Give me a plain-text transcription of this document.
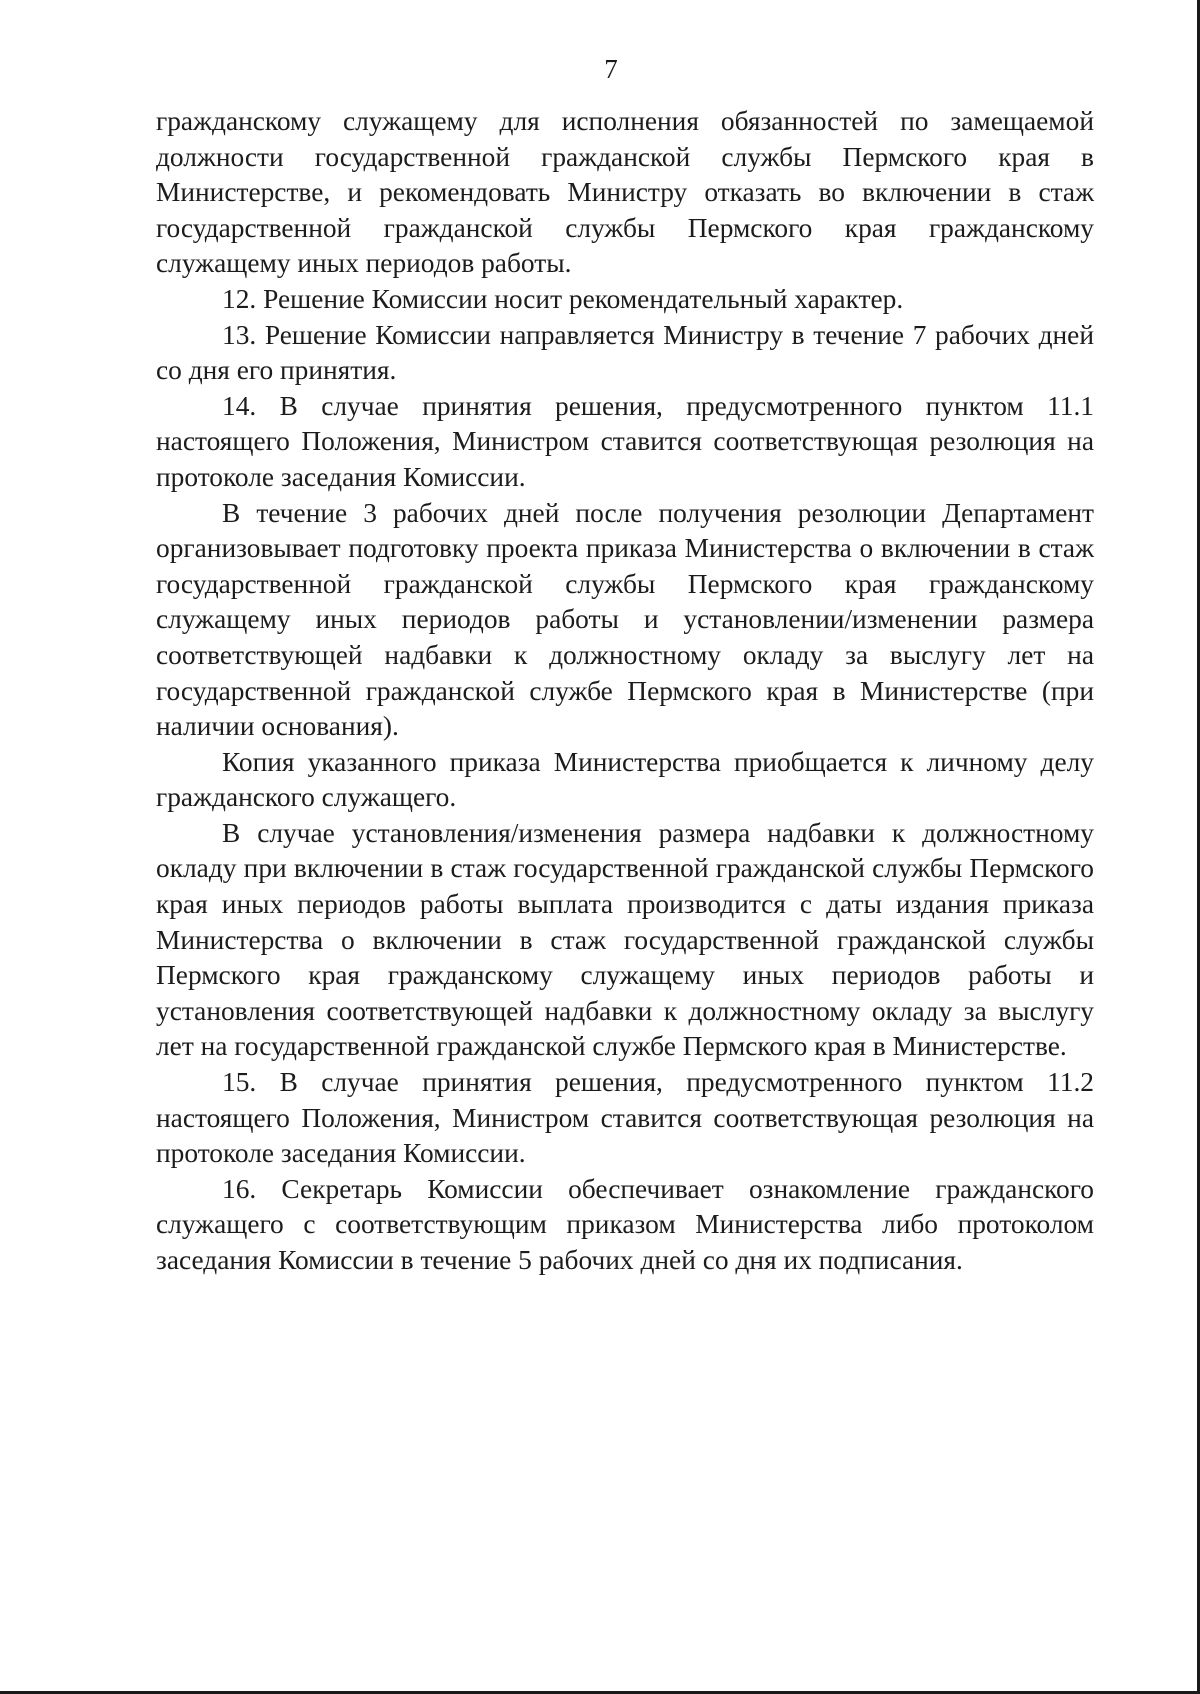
7

гражданскому служащему для исполнения обязанностей по замещаемой должности государственной гражданской службы Пермского края в Министерстве, и рекомендовать Министру отказать во включении в стаж государственной гражданской службы Пермского края гражданскому служащему иных периодов работы.

12. Решение Комиссии носит рекомендательный характер.

13. Решение Комиссии направляется Министру в течение 7 рабочих дней со дня его принятия.

14. В случае принятия решения, предусмотренного пунктом 11.1 настоящего Положения, Министром ставится соответствующая резолюция на протоколе заседания Комиссии.

В течение 3 рабочих дней после получения резолюции Департамент организовывает подготовку проекта приказа Министерства о включении в стаж государственной гражданской службы Пермского края гражданскому служащему иных периодов работы и установлении/изменении размера соответствующей надбавки к должностному окладу за выслугу лет на государственной гражданской службе Пермского края в Министерстве (при наличии основания).

Копия указанного приказа Министерства приобщается к личному делу гражданского служащего.

В случае установления/изменения размера надбавки к должностному окладу при включении в стаж государственной гражданской службы Пермского края иных периодов работы выплата производится с даты издания приказа Министерства о включении в стаж государственной гражданской службы Пермского края гражданскому служащему иных периодов работы и установления соответствующей надбавки к должностному окладу за выслугу лет на государственной гражданской службе Пермского края в Министерстве.

15. В случае принятия решения, предусмотренного пунктом 11.2 настоящего Положения, Министром ставится соответствующая резолюция на протоколе заседания Комиссии.

16. Секретарь Комиссии обеспечивает ознакомление гражданского служащего с соответствующим приказом Министерства либо протоколом заседания Комиссии в течение 5 рабочих дней со дня их подписания.
